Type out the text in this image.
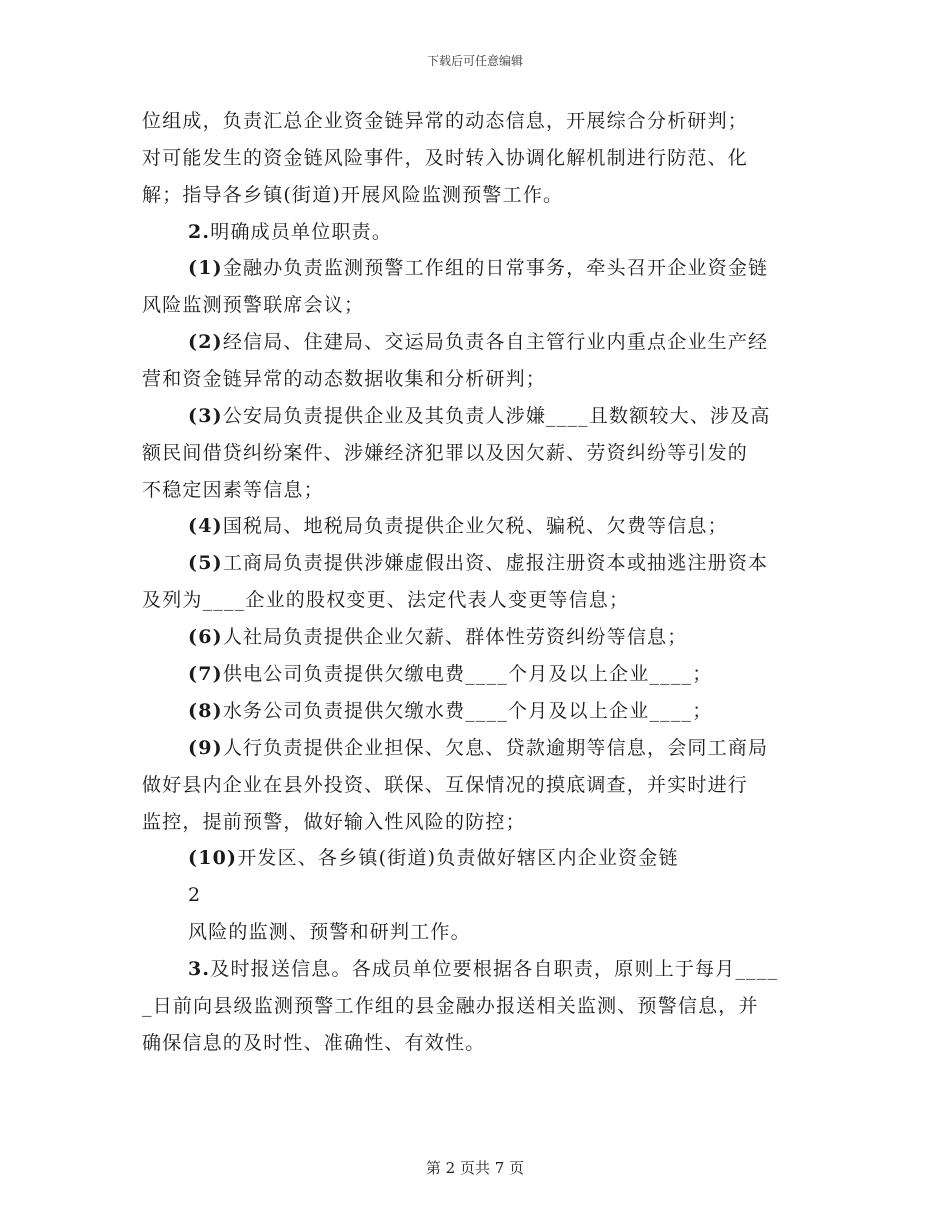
下载后可任意编辑
位组成，负责汇总企业资金链异常的动态信息，开展综合分析研判；
对可能发生的资金链风险事件，及时转入协调化解机制进行防范、化
解；指导各乡镇(街道)开展风险监测预警工作。
2.明确成员单位职责。
(1)金融办负责监测预警工作组的日常事务，牵头召开企业资金链
风险监测预警联席会议；
(2)经信局、住建局、交运局负责各自主管行业内重点企业生产经
营和资金链异常的动态数据收集和分析研判；
(3)公安局负责提供企业及其负责人涉嫌____且数额较大、涉及高
额民间借贷纠纷案件、涉嫌经济犯罪以及因欠薪、劳资纠纷等引发的
不稳定因素等信息；
(4)国税局、地税局负责提供企业欠税、骗税、欠费等信息；
(5)工商局负责提供涉嫌虚假出资、虚报注册资本或抽逃注册资本
及列为____企业的股权变更、法定代表人变更等信息；
(6)人社局负责提供企业欠薪、群体性劳资纠纷等信息；
(7)供电公司负责提供欠缴电费____个月及以上企业____；
(8)水务公司负责提供欠缴水费____个月及以上企业____；
(9)人行负责提供企业担保、欠息、贷款逾期等信息，会同工商局
做好县内企业在县外投资、联保、互保情况的摸底调查，并实时进行
监控，提前预警，做好输入性风险的防控；
(10)开发区、各乡镇(街道)负责做好辖区内企业资金链
2
风险的监测、预警和研判工作。
3.及时报送信息。各成员单位要根据各自职责，原则上于每月____
_日前向县级监测预警工作组的县金融办报送相关监测、预警信息，并
确保信息的及时性、准确性、有效性。
第 2 页共 7 页
